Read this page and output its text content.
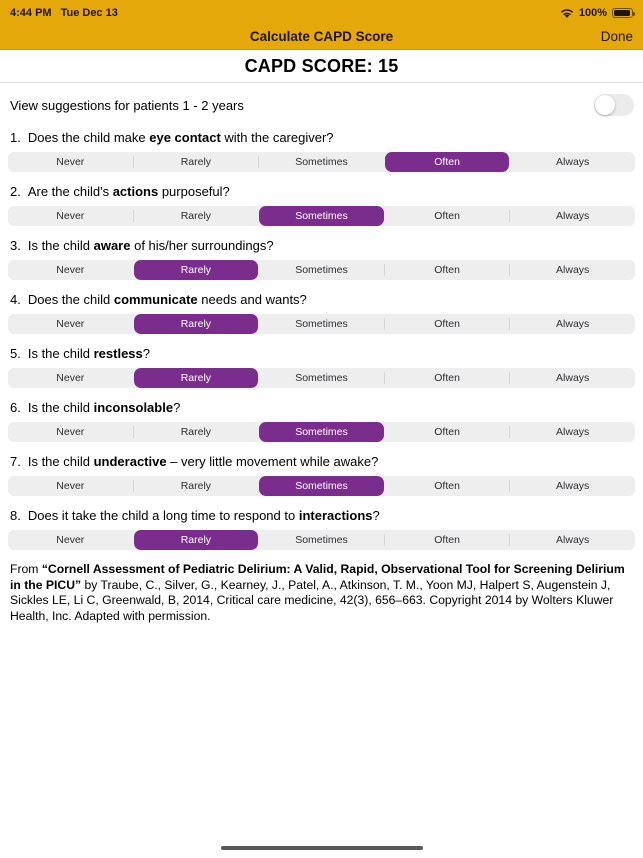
4:44 PM Tue Dec 13	100%
Calculate CAPD Score	Done
CAPD SCORE: 15
View suggestions for patients 1 - 2 years
1. Does the child make eye contact with the caregiver?
Never	Rarely	Sometimes	Often	Always
2. Are the child's actions purposeful?
Never	Rarely	Sometimes	Often	Always
3. Is the child aware of his/her surroundings?
Never	Rarely	Sometimes	Often	Always
4. Does the child communicate needs and wants?
Never	Rarely	Sometimes	Often	Always
5. Is the child restless?
Never	Rarely	Sometimes	Often	Always
6. Is the child inconsolable?
Never	Rarely	Sometimes	Often	Always
7. Is the child underactive – very little movement while awake?
Never	Rarely	Sometimes	Often	Always
8. Does it take the child a long time to respond to interactions?
Never	Rarely	Sometimes	Often	Always

From “Cornell Assessment of Pediatric Delirium: A Valid, Rapid, Observational Tool for Screening Delirium in the PICU” by Traube, C., Silver, G., Kearney, J., Patel, A., Atkinson, T. M., Yoon MJ, Halpert S, Augenstein J, Sickles LE, Li C, Greenwald, B, 2014, Critical care medicine, 42(3), 656–663. Copyright 2014 by Wolters Kluwer Health, Inc. Adapted with permission.
